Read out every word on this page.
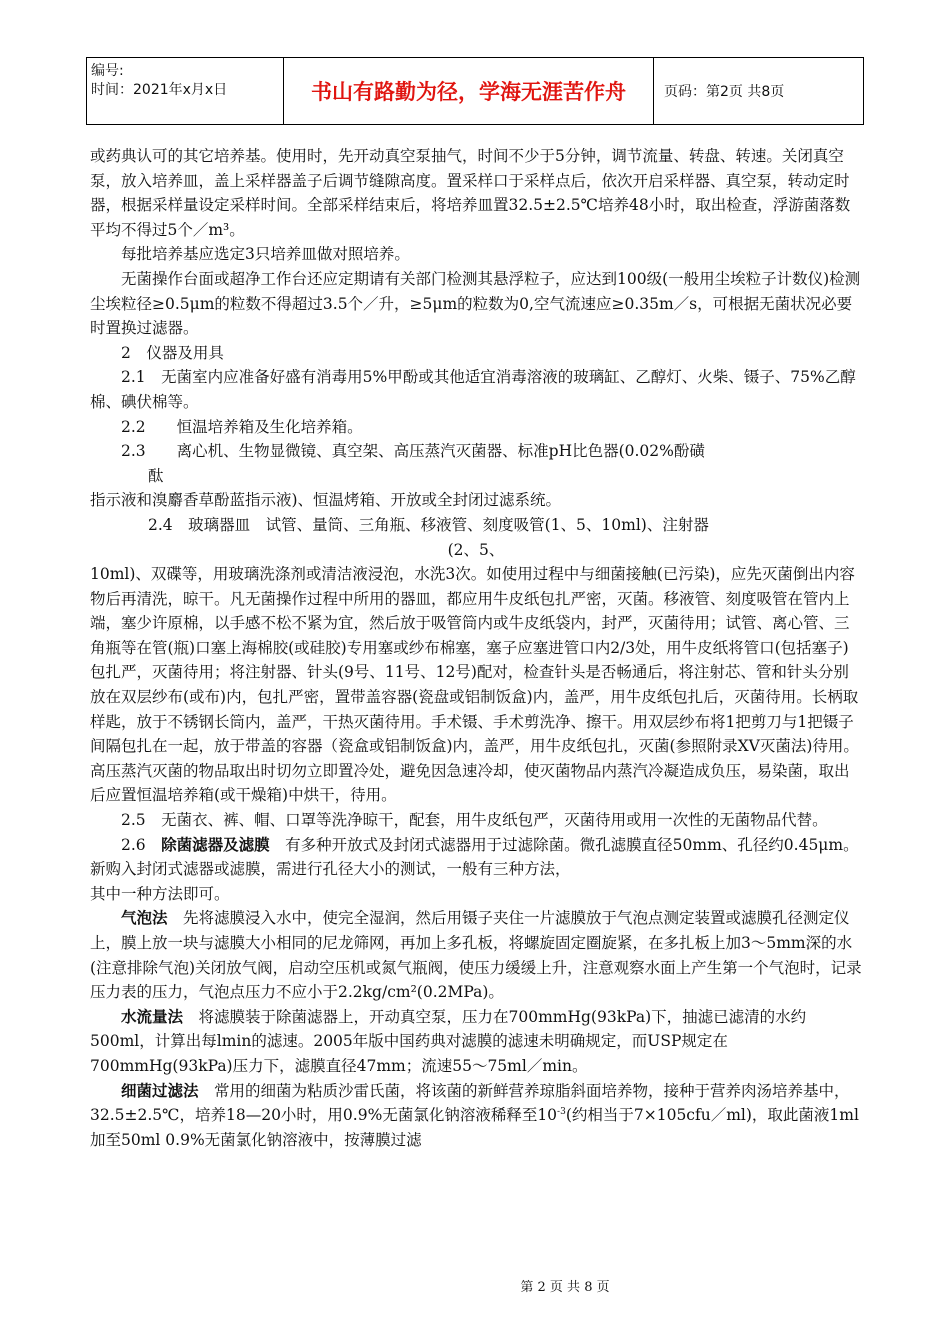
编号:
时间：2021年x月x日	书山有路勤为径，学海无涯苦作舟	页码：第2页 共8页

或药典认可的其它培养基。使用时，先开动真空泵抽气，时间不少于5分钟，调节流量、转盘、转速。关闭真空泵，放入培养皿，盖上采样器盖子后调节缝隙高度。置采样口于采样点后，依次开启采样器、真空泵，转动定时器，根据采样量设定采样时间。全部采样结束后，将培养皿置32.5±2.5℃培养48小时，取出检查，浮游菌落数平均不得过5个／m³。

每批培养基应选定3只培养皿做对照培养。

无菌操作台面或超净工作台还应定期请有关部门检测其悬浮粒子，应达到100级(一般用尘埃粒子计数仪)检测尘埃粒径≥0.5μm的粒数不得超过3.5个／升，≥5μm的粒数为0,空气流速应≥0.35m／s，可根据无菌状况必要时置换过滤器。

2　仪器及用具

2.1　无菌室内应准备好盛有消毒用5%甲酚或其他适宜消毒溶液的玻璃缸、乙醇灯、火柴、镊子、75%乙醇棉、碘伏棉等。

2.2　　恒温培养箱及生化培养箱。

2.3　　离心机、生物显微镜、真空架、高压蒸汽灭菌器、标准pH比色器(0.02%酚磺

酞

指示液和溴麝香草酚蓝指示液)、恒温烤箱、开放或全封闭过滤系统。

2.4　玻璃器皿　试管、量筒、三角瓶、移液管、刻度吸管(1、5、10ml)、注射器

(2、5、

10ml)、双碟等，用玻璃洗涤剂或清洁液浸泡，水洗3次。如使用过程中与细菌接触(已污染)，应先灭菌倒出内容物后再清洗，晾干。凡无菌操作过程中所用的器皿，都应用牛皮纸包扎严密，灭菌。移液管、刻度吸管在管内上端，塞少许原棉，以手感不松不紧为宜，然后放于吸管筒内或牛皮纸袋内，封严，灭菌待用；试管、离心管、三角瓶等在管(瓶)口塞上海棉胶(或硅胶)专用塞或纱布棉塞，塞子应塞进管口内2/3处，用牛皮纸将管口(包括塞子)包扎严，灭菌待用；将注射器、针头(9号、11号、12号)配对，检查针头是否畅通后，将注射芯、管和针头分别放在双层纱布(或布)内，包扎严密，置带盖容器(瓷盘或铝制饭盒)内，盖严，用牛皮纸包扎后，灭菌待用。长柄取样匙，放于不锈钢长筒内，盖严，干热灭菌待用。手术镊、手术剪洗净、擦干。用双层纱布将1把剪刀与1把镊子间隔包扎在一起，放于带盖的容器（瓷盒或铝制饭盒)内，盖严，用牛皮纸包扎，灭菌(参照附录XV灭菌法)待用。高压蒸汽灭菌的物品取出时切勿立即置冷处，避免因急速冷却，使灭菌物品内蒸汽冷凝造成负压，易染菌，取出后应置恒温培养箱(或干燥箱)中烘干，待用。

2.5　无菌衣、裤、帽、口罩等洗净晾干，配套，用牛皮纸包严，灭菌待用或用一次性的无菌物品代替。

2.6　除菌滤器及滤膜　有多种开放式及封闭式滤器用于过滤除菌。微孔滤膜直径50mm、孔径约0.45μm。新购入封闭式滤器或滤膜，需进行孔径大小的测试，一般有三种方法，

其中一种方法即可。

气泡法　先将滤膜浸入水中，使完全湿润，然后用镊子夹住一片滤膜放于气泡点测定装置或滤膜孔径测定仪上，膜上放一块与滤膜大小相同的尼龙筛网，再加上多孔板，将螺旋固定圈旋紧，在多扎板上加3～5mm深的水(注意排除气泡)关闭放气阀，启动空压机或氮气瓶阀，使压力缓缓上升，注意观察水面上产生第一个气泡时，记录压力表的压力，气泡点压力不应小于2.2kg/cm²(0.2MPa)。

水流量法　将滤膜装于除菌滤器上，开动真空泵，压力在700mmHg(93kPa)下，抽滤已滤清的水约500ml，计算出每lmin的滤速。2005年版中国药典对滤膜的滤速未明确规定，而USP规定在700mmHg(93kPa)压力下，滤膜直径47mm；流速55～75ml／min。

细菌过滤法　常用的细菌为粘质沙雷氏菌，将该菌的新鲜营养琼脂斜面培养物，接种于营养肉汤培养基中，32.5±2.5℃，培养18—20小时，用0.9%无菌氯化钠溶液稀释至$10^{-3}$(约相当于7×105cfu／ml)，取此菌液1ml加至50ml 0.9%无菌氯化钠溶液中，按薄膜过滤

第 2 页 共 8 页
